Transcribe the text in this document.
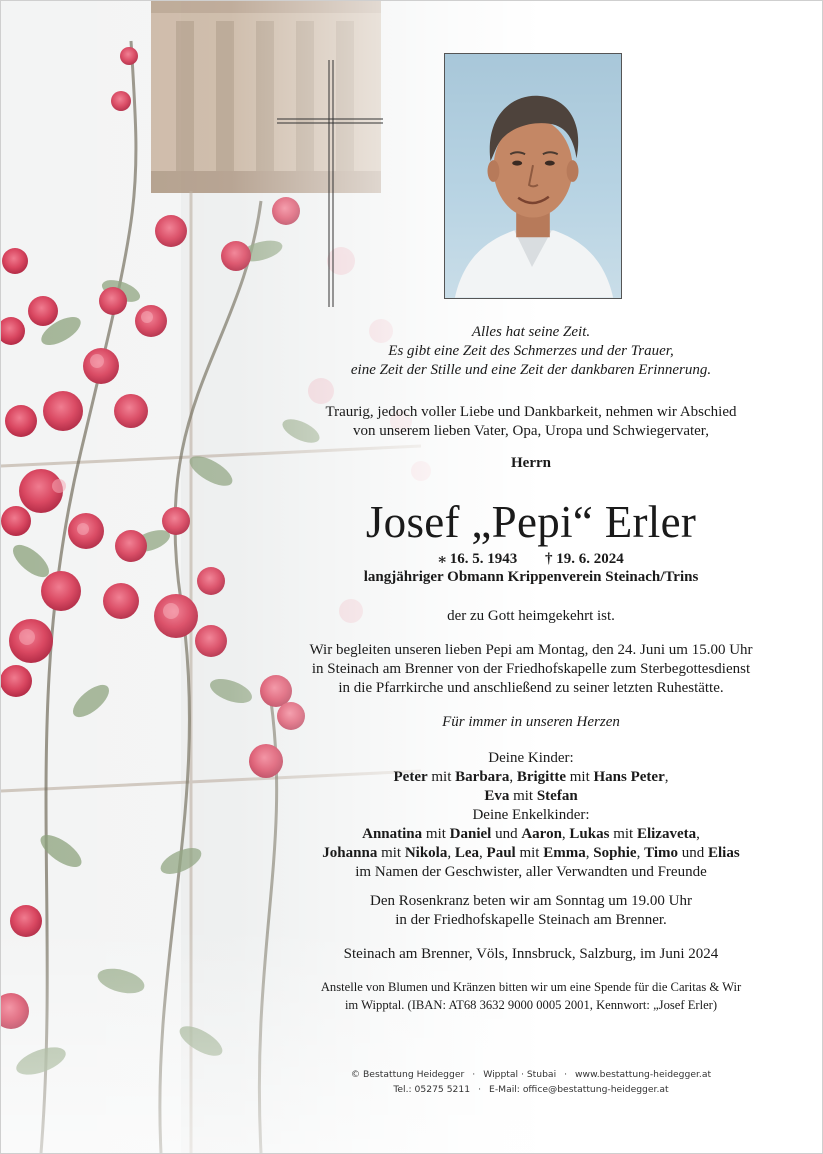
Alles hat seine Zeit.
Es gibt eine Zeit des Schmerzes und der Trauer,
eine Zeit der Stille und eine Zeit der dankbaren Erinnerung.
Traurig, jedoch voller Liebe und Dankbarkeit, nehmen wir Abschied
von unserem lieben Vater, Opa, Uropa und Schwiegervater,
Herrn
Josef „Pepi“ Erler
⁎ 16. 5. 1943 † 19. 6. 2024
langjähriger Obmann Krippenverein Steinach/Trins
der zu Gott heimgekehrt ist.
Wir begleiten unseren lieben Pepi am Montag, den 24. Juni um 15.00 Uhr
in Steinach am Brenner von der Friedhofskapelle zum Sterbegottesdienst
in die Pfarrkirche und anschließend zu seiner letzten Ruhestätte.
Für immer in unseren Herzen
Deine Kinder:
Peter mit Barbara, Brigitte mit Hans Peter,
Eva mit Stefan
Deine Enkelkinder:
Annatina mit Daniel und Aaron, Lukas mit Elizaveta,
Johanna mit Nikola, Lea, Paul mit Emma, Sophie, Timo und Elias
im Namen der Geschwister, aller Verwandten und Freunde
Den Rosenkranz beten wir am Sonntag um 19.00 Uhr
in der Friedhofskapelle Steinach am Brenner.
Steinach am Brenner, Völs, Innsbruck, Salzburg, im Juni 2024
Anstelle von Blumen und Kränzen bitten wir um eine Spende für die Caritas & Wir
im Wipptal. (IBAN: AT68 3632 9000 0005 2001, Kennwort: „Josef Erler)
© Bestattung Heidegger · Wipptal · Stubai · www.bestattung-heidegger.at
Tel.: 05275 5211 · E-Mail: office@bestattung-heidegger.at
